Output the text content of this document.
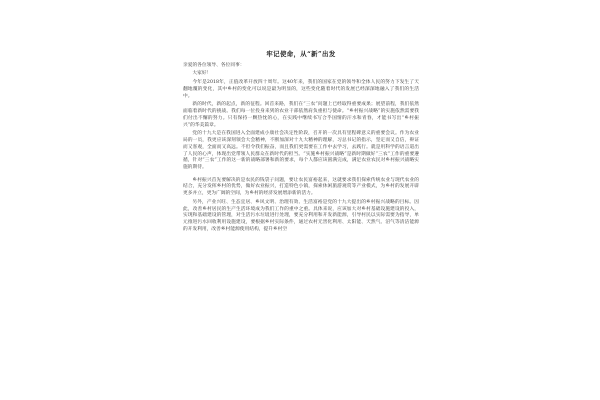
牢记使命，从“新”出发
亲爱的各位领导、各位同事：
大家好！
今年是2018年，正值改革开放四十周年。这40年来，我们的国家在党的领导和全体人民的努力下发生了天翻地覆的变化，其中乡村的变化可以说是最为明显的，这些变化随着时代的发展已经深深地融入了我们的生活中。
新的时代，新的起点，新的征程。回首来路，我们在“三农”问题上已经取得重要成果；展望前程，我们依然面临着新时代的挑战。我们每一位投身来到的农业干部依然肩负重担与使命。“乡村振兴战略”的实施依然需要我们付出不懈的努力。只有保持一颗热忱的心，在实践中继续书写合乎国情的汗水和青春，才能书写出“乡村振兴”的华美篇章。
党的十九大是在我国进入全面建成小康社会决定性阶段，召开的一次具有里程碑意义的重要会议。作为农业局的一员，我更应该深刻领会大会精神，不断加深对十九大精神的理解，习总书记的指示，坚定而又自信，辩证而又客观，全面而又高远。不但令我们振奋，而且我们更需要在工作中去学习，去践行。就是用科学的语言道出了人民的心声，体现出党带领人民群众在新时代的担当。“实施乡村振兴战略”是新时期做好“三农”工作的重要遵循，针对“三农”工作的这一新的战略部署和新的要求，每个人都应该圆满完成，满足农业农民对乡村振兴战略实施的期待。
乡村振兴首先要解决的是农民的钱袋子问题，要让农民富裕起来，这就要求我们探索传统农业与现代农业的结合，充分发挥乡村的优势，做好农业振兴，打造特色小镇，探索休闲旅游观赏等产业模式，为乡村的发展开辟更多并立，更为广阔的空间，为乡村的经济发展增添新的活力。
另外，产业兴旺、生态宜居、乡风文明、治理有效、生活富裕是党的十九大提出的乡村振兴战略的目标。因此，改善乡村居民的生产生活环境成为我们工作的重中之重。具体来说，应该加大对乡村基础设施建设的投入，实现和基础建设的管理，对生活污水垃圾进行处理，要充分利用和开发新能源，引导村民以实际需要为指导，单元推进污水回收利用设施建设，要根据乡村实际条件，通过农村无害化利用、太阳能、天然气、沼气等清洁能源的开发利用，改善乡村能源使用结构，提升乡村空
